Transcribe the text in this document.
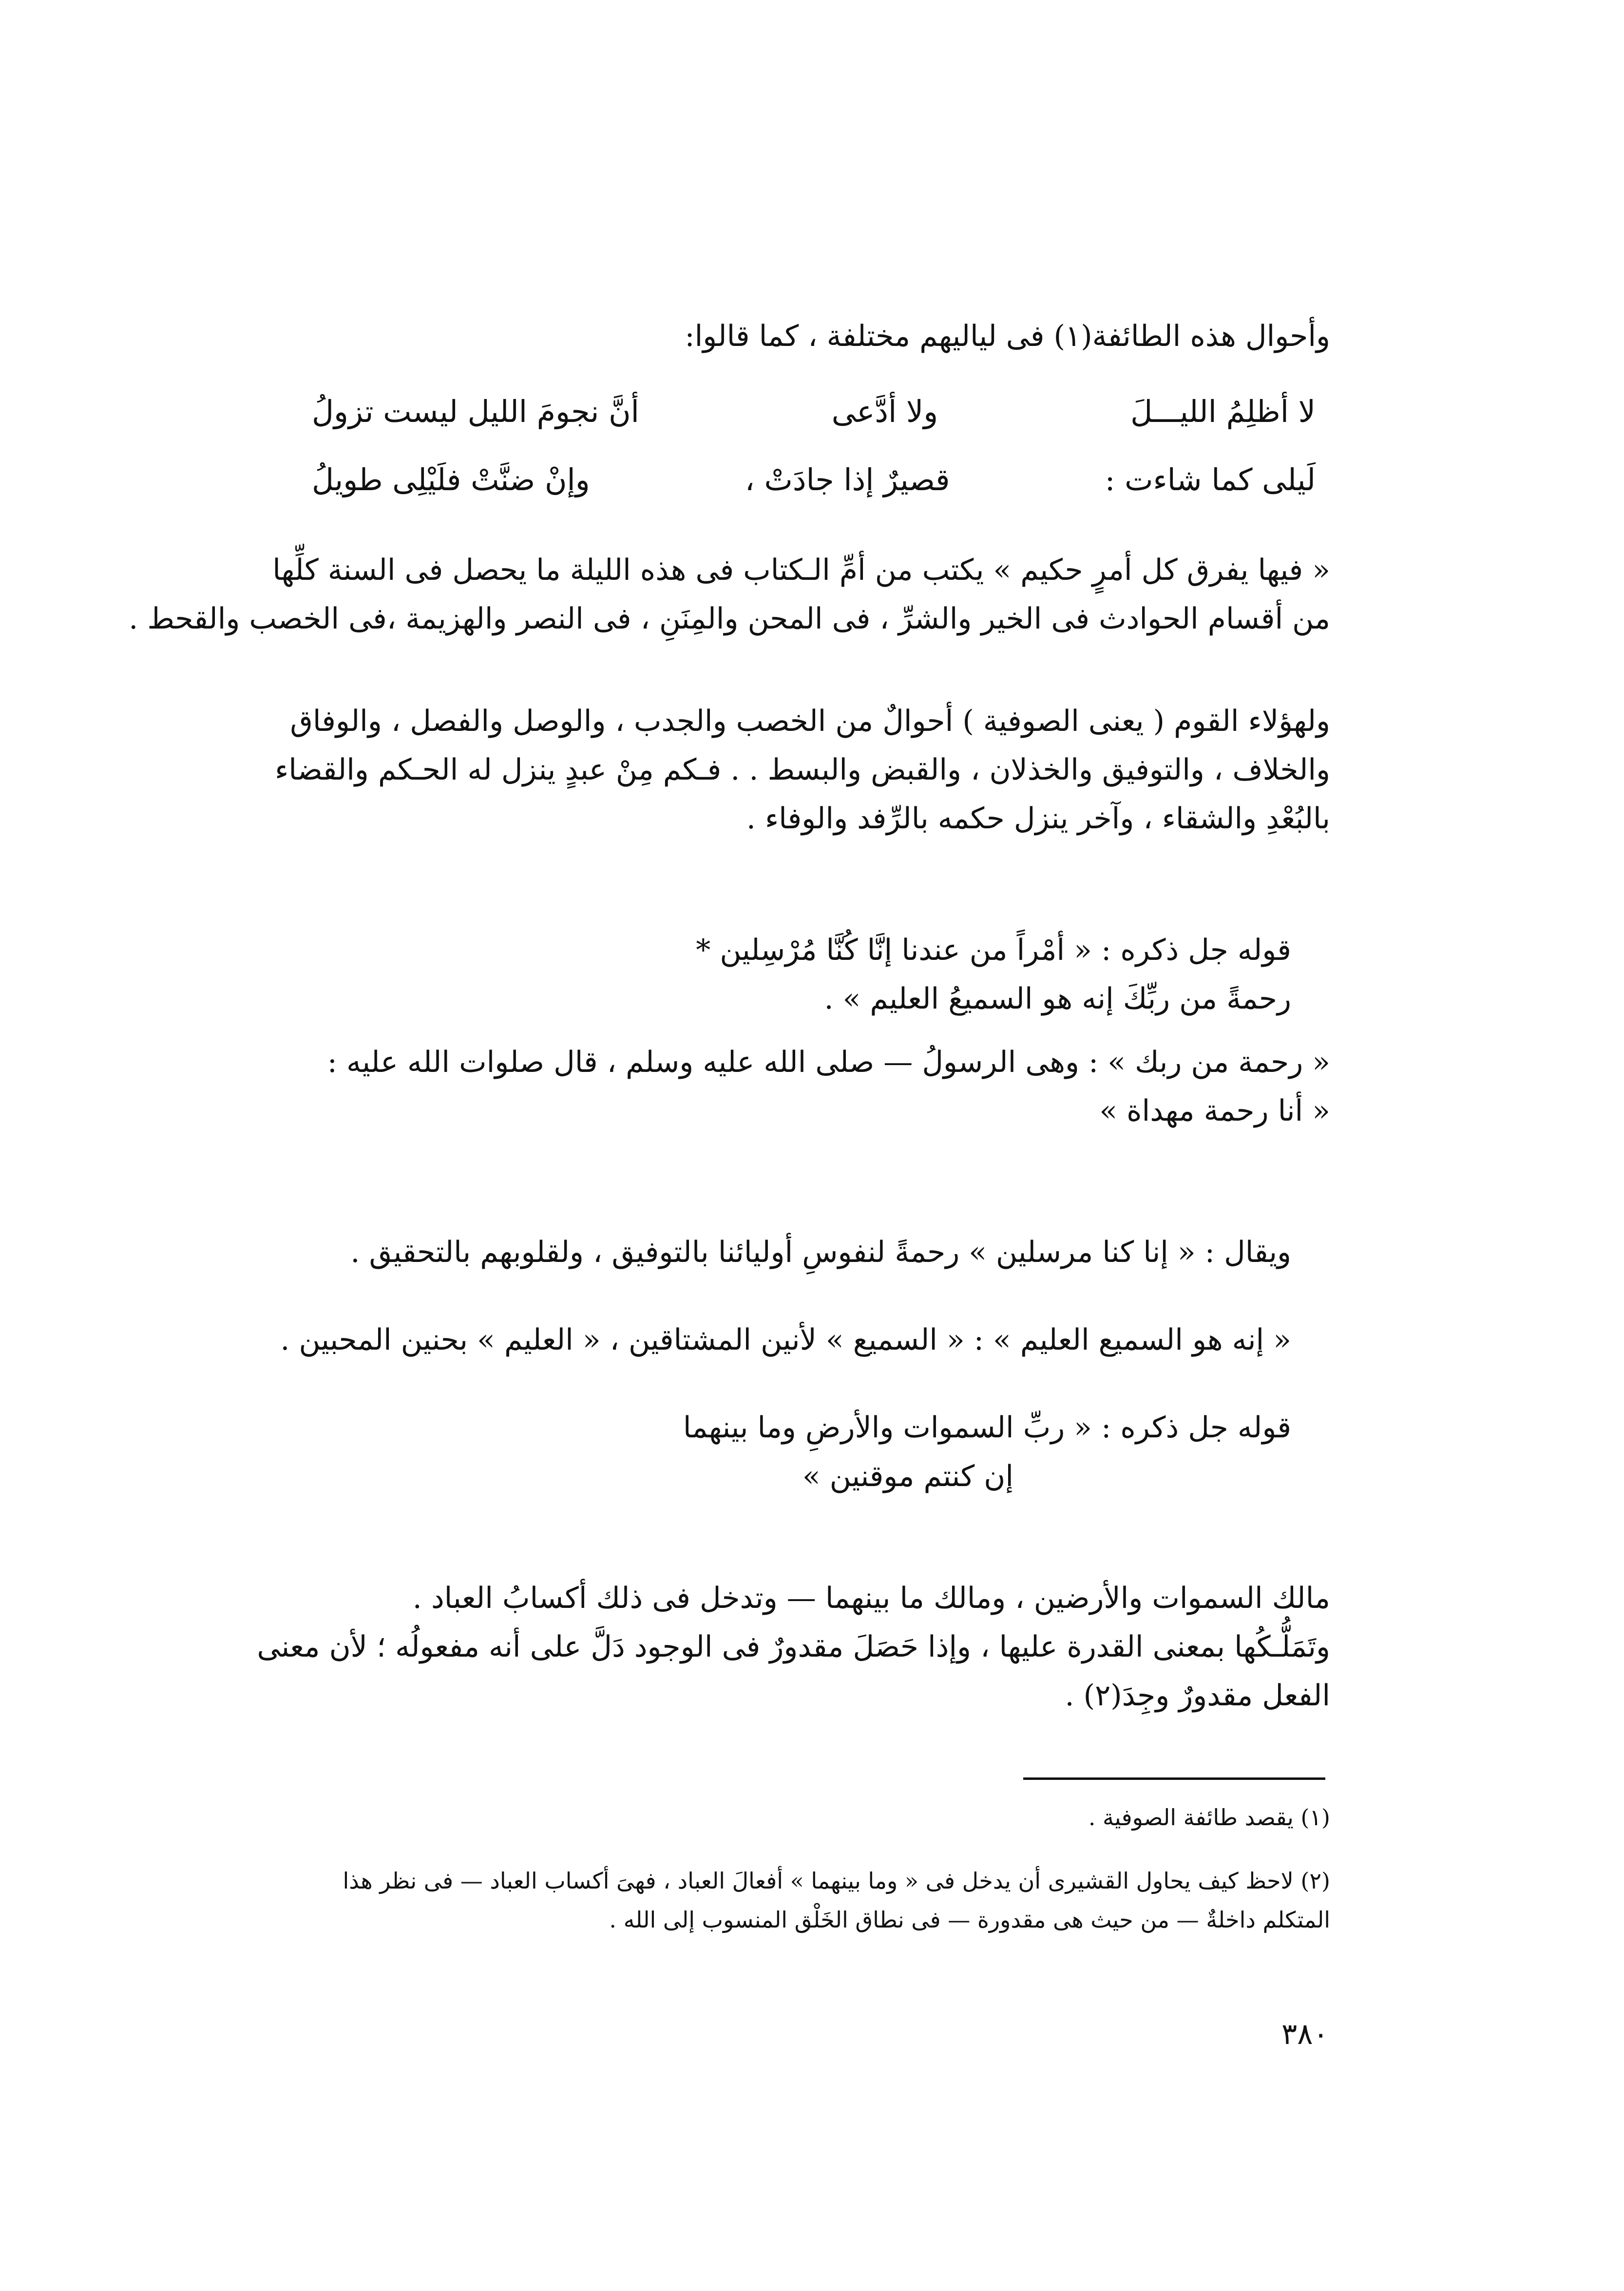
وأحوال هذه الطائفة(١) فى لياليهم مختلفة ، كما قالوا:
لا أظلِمُ الليـــلَ
ولا أدَّعى
أنَّ نجومَ الليل ليست تزولُ
لَيلى كما شاءت :
قصيرٌ إذا جادَتْ ،
وإنْ ضنَّتْ فلَيْلِى طويلُ
« فيها يفرق كل أمرٍ حكيم » يكتب من أمِّ الـكتاب فى هذه الليلة ما يحصل فى السنة كلِّها
من أقسام الحوادث فى الخير والشرِّ ، فى المحن والمِنَنِ ، فى النصر والهزيمة ،فى الخصب والقحط .
ولهؤلاء القوم ( يعنى الصوفية ) أحوالٌ من الخصب والجدب ، والوصل والفصل ، والوفاق
والخلاف ، والتوفيق والخذلان ، والقبض والبسط . . فـكم مِنْ عبدٍ ينزل له الحـكم والقضاء
بالبُعْدِ والشقاء ، وآخر ينزل حكمه بالرِّفد والوفاء .
قوله جل ذكره : « أمْراً من عندنا إنَّا كُنَّا مُرْسِلين *
رحمةً من ربِّكَ إنه هو السميعُ العليم » .
« رحمة من ربك » : وهى الرسولُ — صلى الله عليه وسلم ، قال صلوات الله عليه :
« أنا رحمة مهداة »
ويقال : « إنا كنا مرسلين » رحمةً لنفوسِ أوليائنا بالتوفيق ، ولقلوبهم بالتحقيق .
« إنه هو السميع العليم » : « السميع » لأنين المشتاقين ، « العليم » بحنين المحبين .
قوله جل ذكره : « ربِّ السموات والأرضِ وما بينهما
إن كنتم موقنين »
مالك السموات والأرضين ، ومالك ما بينهما — وتدخل فى ذلك أكسابُ العباد .
وتَمَلُّـكُها بمعنى القدرة عليها ، وإذا حَصَلَ مقدورٌ فى الوجود دَلَّ على أنه مفعولُه ؛ لأن معنى
الفعل مقدورٌ وجِدَ(٢) .
(١) يقصد طائفة الصوفية .
(٢) لاحظ كيف يحاول القشيرى أن يدخل فى « وما بينهما » أفعالَ العباد ، فهىَ أكساب العباد — فى نظر هذا
المتكلم داخلةٌ — من حيث هى مقدورة — فى نطاق الخَلْق المنسوب إلى الله .
٣٨٠
